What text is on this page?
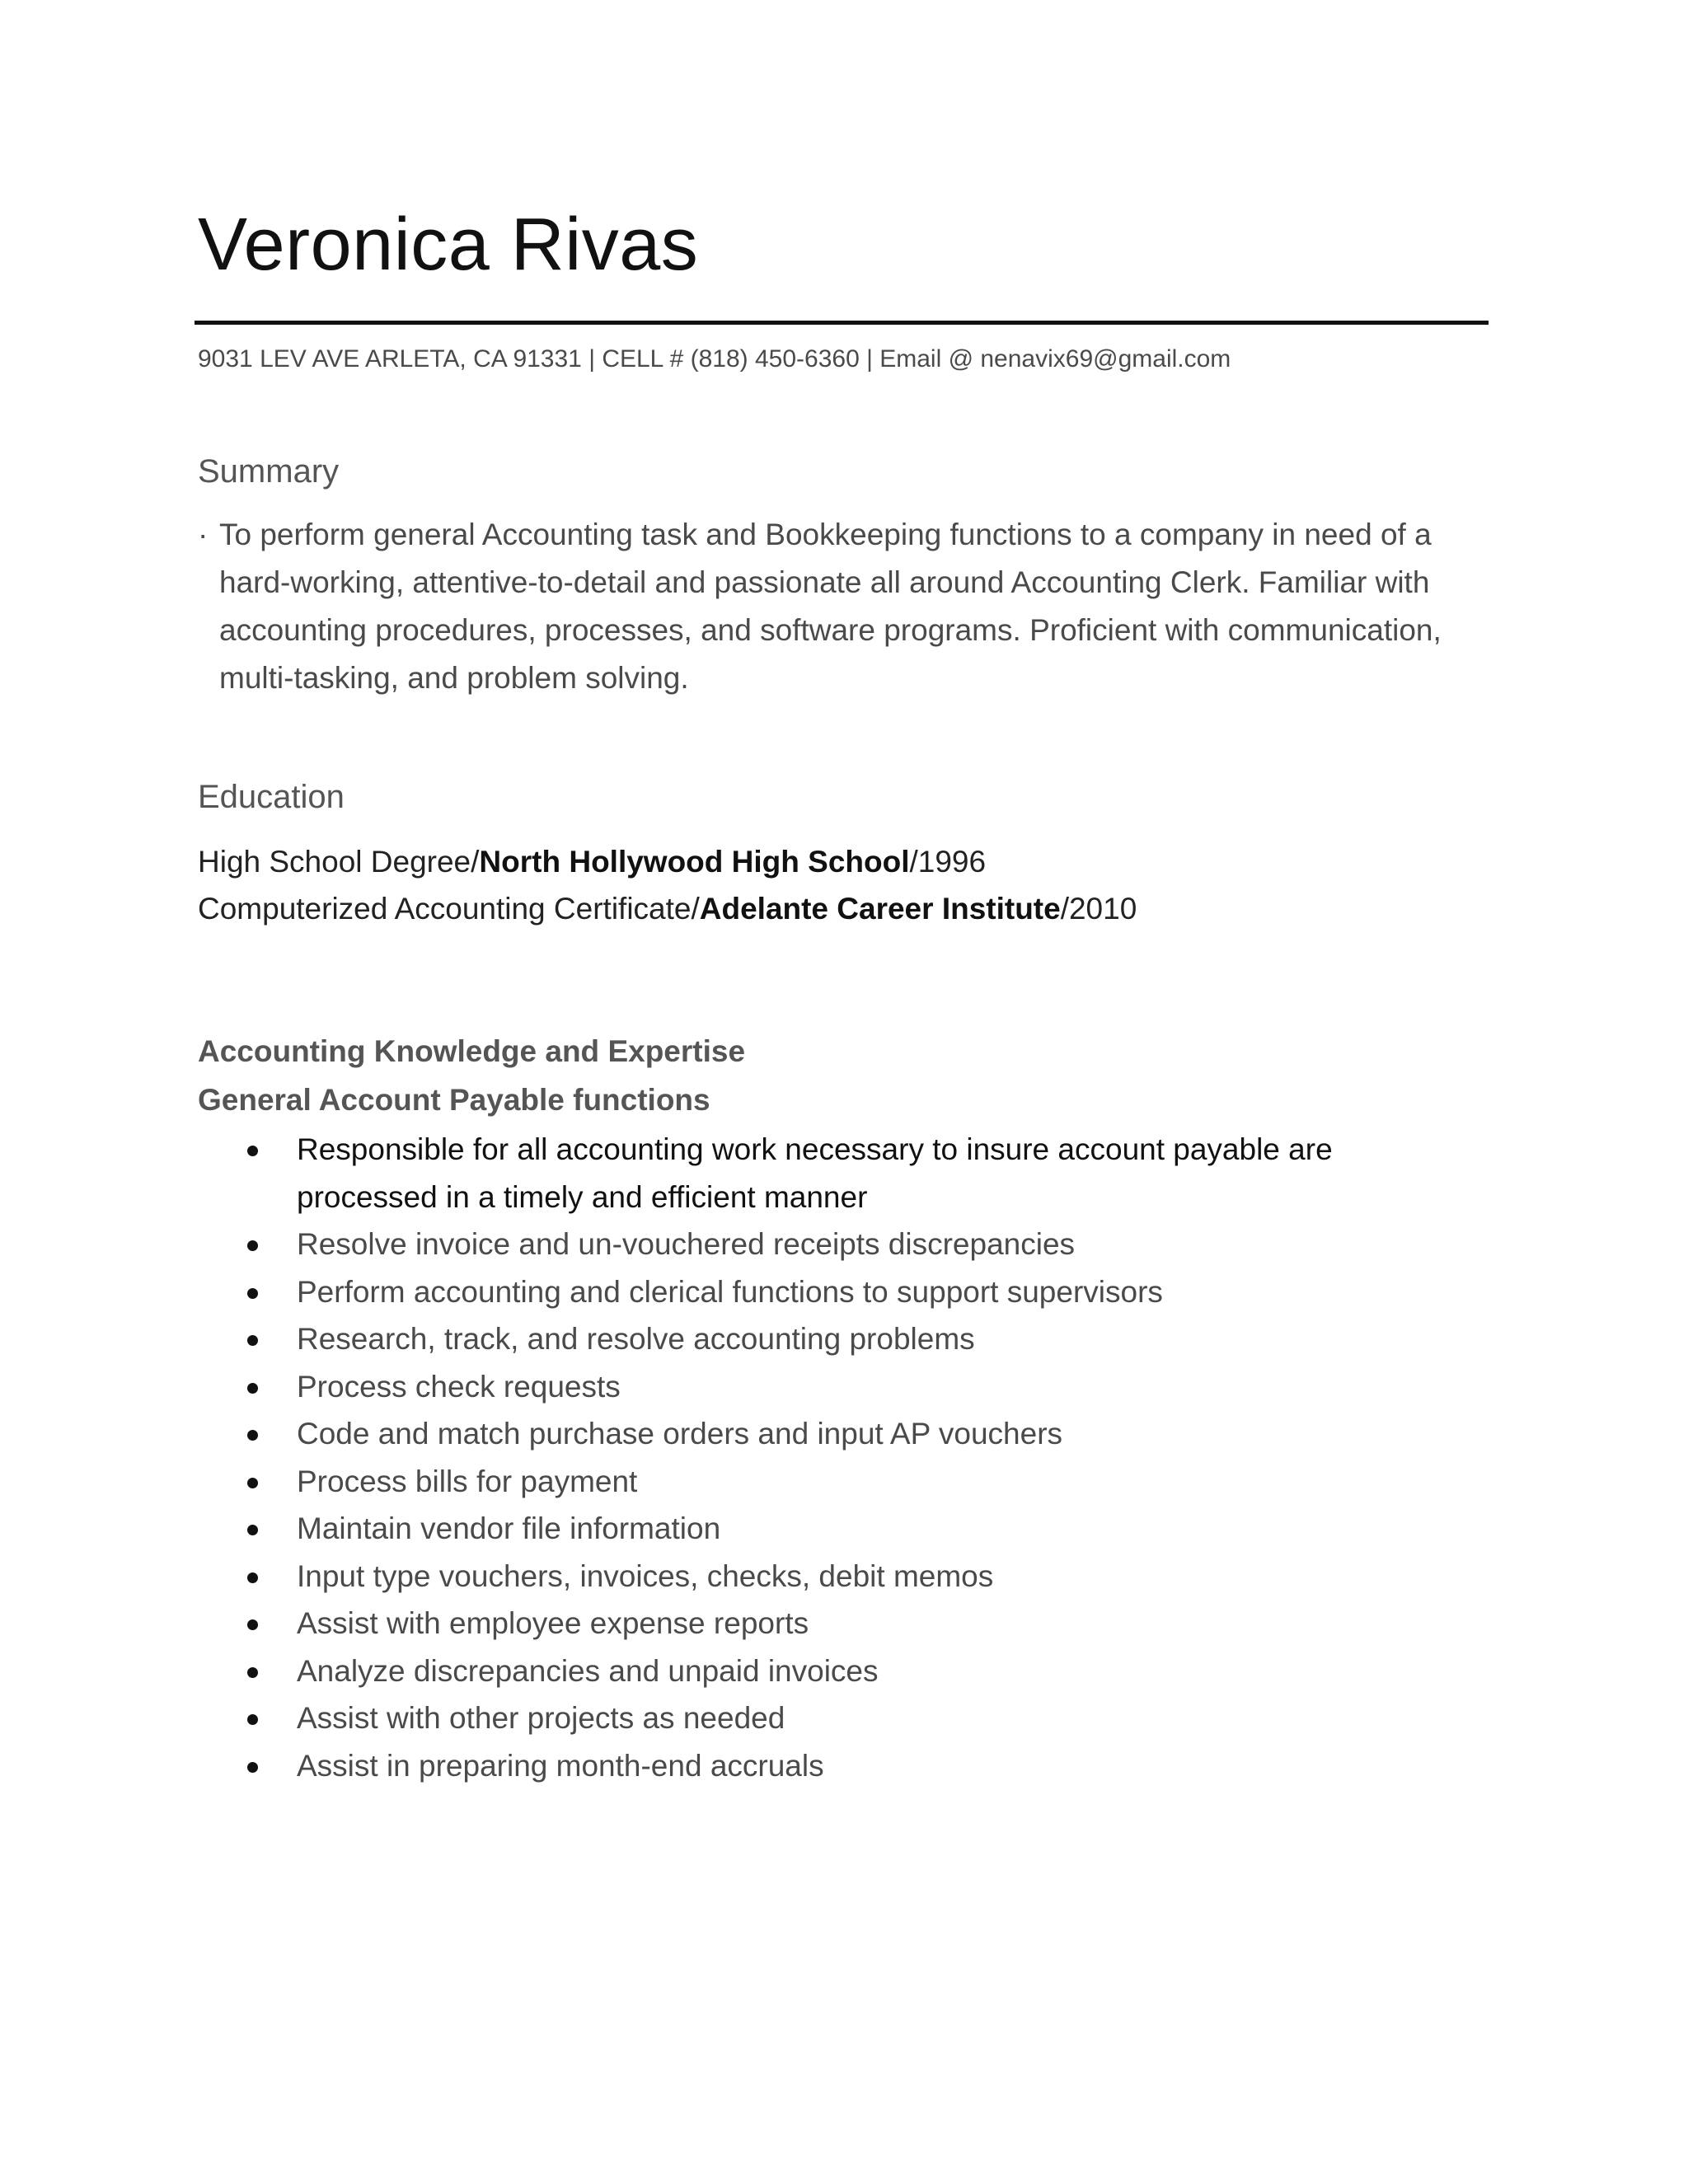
Veronica Rivas
9031 LEV AVE ARLETA, CA 91331 | CELL # (818) 450-6360 | Email @ nenavix69@gmail.com
Summary
· To perform general Accounting task and Bookkeeping functions to a company in need of a hard-working, attentive-to-detail and passionate all around Accounting Clerk. Familiar with accounting procedures, processes, and software programs. Proficient with communication, multi-tasking, and problem solving.
Education
High School Degree/North Hollywood High School/1996
Computerized Accounting Certificate/Adelante Career Institute/2010
Accounting Knowledge and Expertise
General Account Payable functions
Responsible for all accounting work necessary to insure account payable are processed in a timely and efficient manner
Resolve invoice and un-vouchered receipts discrepancies
Perform accounting and clerical functions to support supervisors
Research, track, and resolve accounting problems
Process check requests
Code and match purchase orders and input AP vouchers
Process bills for payment
Maintain vendor file information
Input type vouchers, invoices, checks, debit memos
Assist with employee expense reports
Analyze discrepancies and unpaid invoices
Assist with other projects as needed
Assist in preparing month-end accruals
